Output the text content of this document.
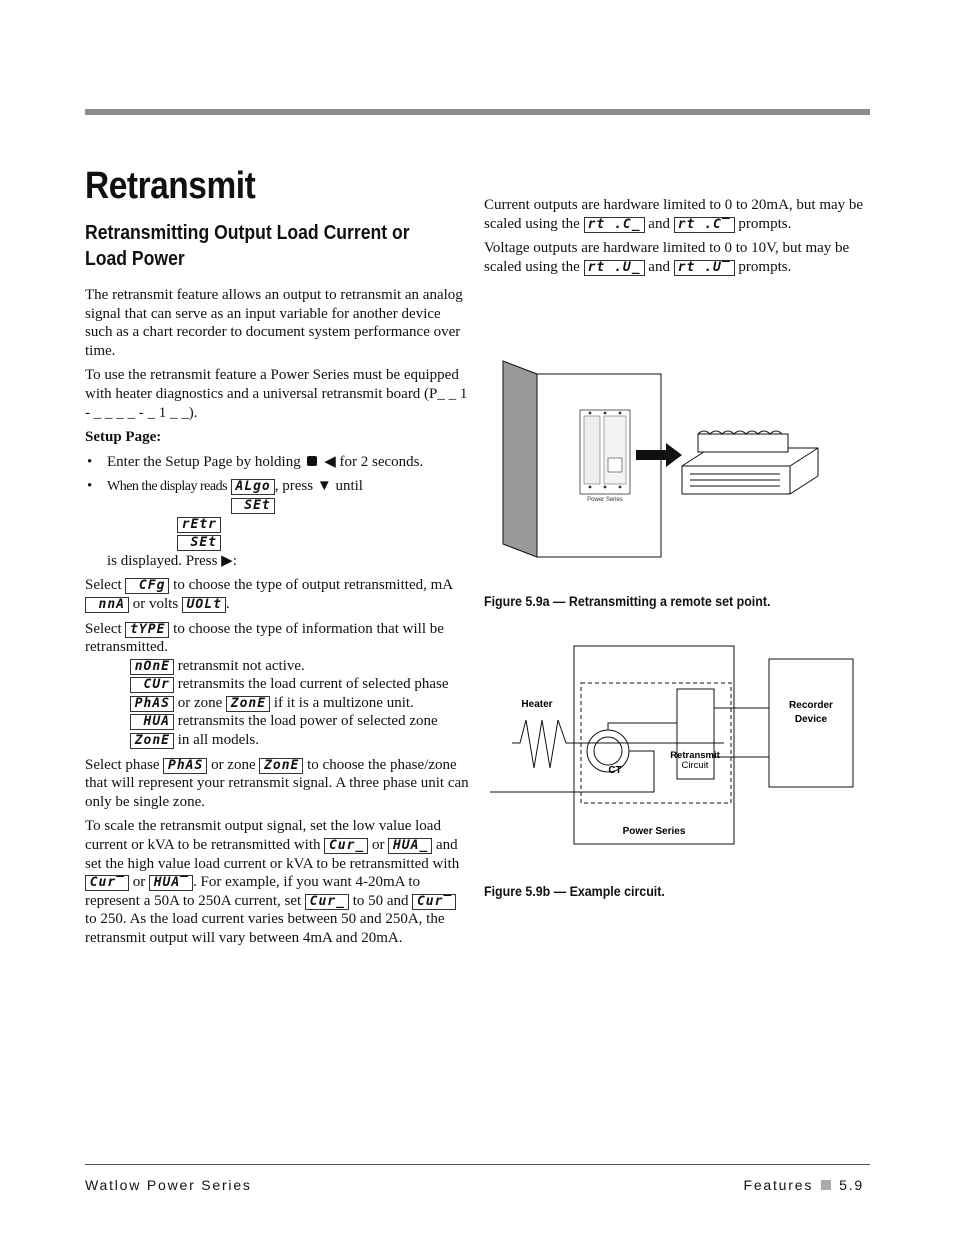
Retransmit
Retransmitting Output Load Current or Load Power

The retransmit feature allows an output to retransmit an analog signal that can serve as an input variable for another device such as a chart recorder to document system performance over time.

To use the retransmit feature a Power Series must be equipped with heater diagnostics and a universal retransmit board (P_ _ 1 - _ _ _ _ - _ 1 _ _).

Setup Page:

• Enter the Setup Page by holding ◀ for 2 seconds.
• When the display reads ALgo
SEt, press ▼ until rEtr
SEt
is displayed. Press ▶:

Select CFg to choose the type of output retransmitted, mA nnA or volts UOLt .

Select tYPE to choose the type of information that will be retransmitted.

nOnE retransmit not active.
CUr retransmits the load current of selected phase PhAS or zone ZonE if it is a multizone unit.
HUA retransmits the load power of selected zone ZonE in all models.

Select phase PhAS or zone ZonE to choose the phase/zone that will represent your retransmit signal. A three phase unit can only be single zone.

To scale the retransmit output signal, set the low value load current or kVA to be retransmitted with Cur_ or HUA_ and set the high value load current or kVA to be retransmitted with Cur‾ or HUA‾ . For example, if you want 4-20mA to represent a 50A to 250A current, set Cur_ to 50 and Cur‾ to 250. As the load current varies between 50 and 250A, the retransmit output will vary between 4mA and 20mA.

Current outputs are hardware limited to 0 to 20mA, but may be scaled using the rt .C_ and rt .C‾ prompts.

Voltage outputs are hardware limited to 0 to 10V, but may be scaled using the rt .U_ and rt .U‾ prompts.

Power Series
Figure 5.9a — Retransmitting a remote set point.
Heater
CT
Retransmit
Circuit
Recorder
Device
Power Series
Figure 5.9b — Example circuit.
Watlow Power Series	Features 5.9
